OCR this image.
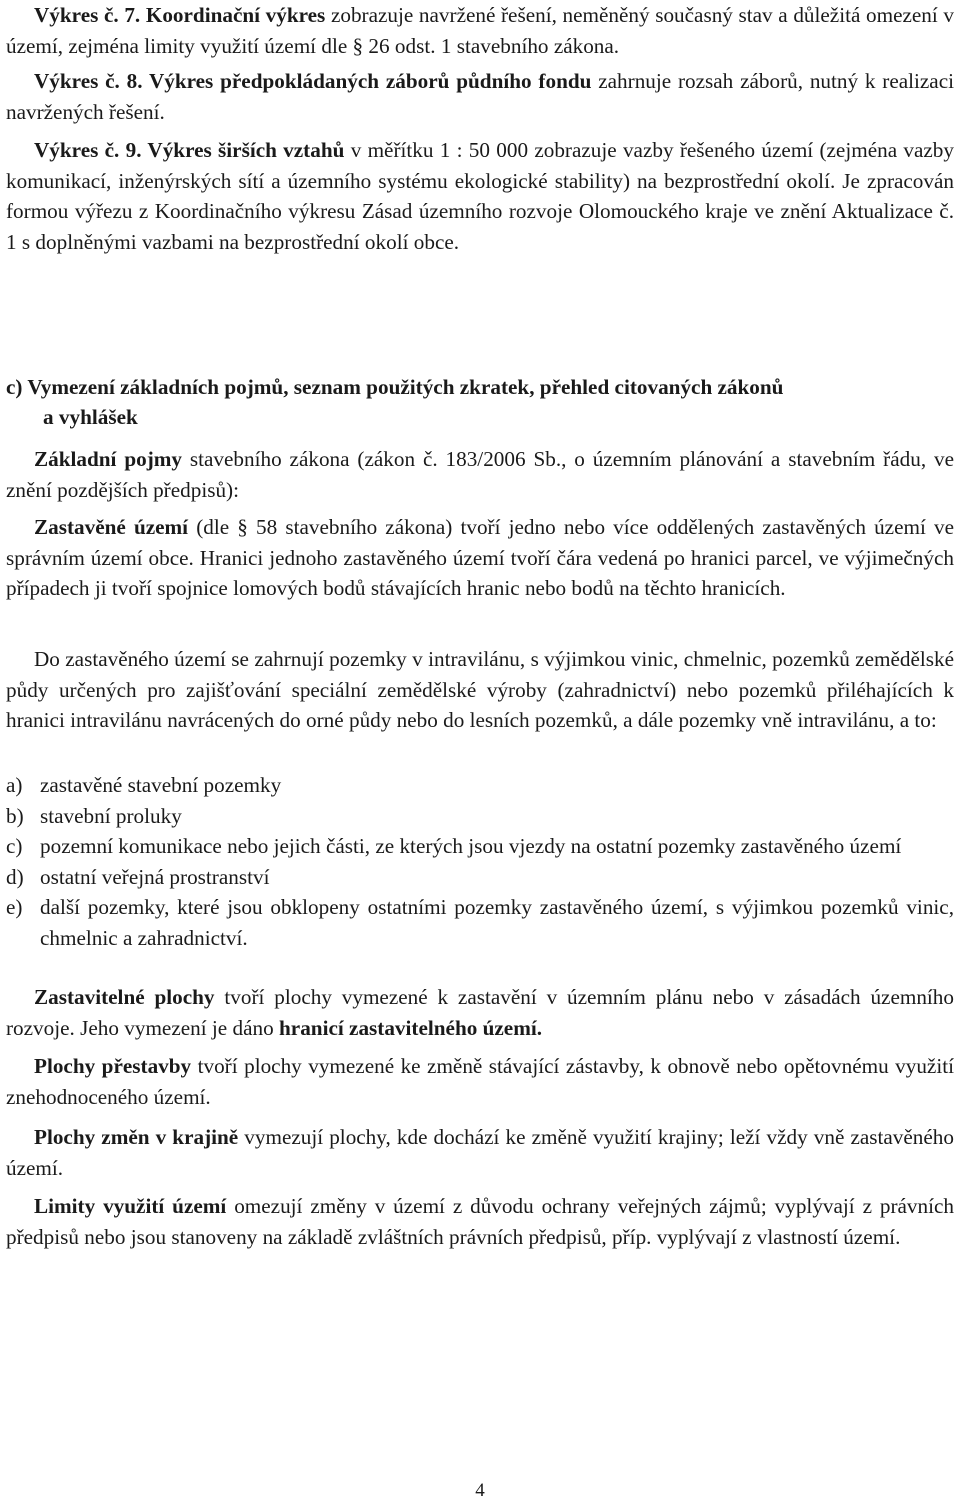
Výkres č. 7. Koordinační výkres zobrazuje navržené řešení, neměněný současný stav a důležitá omezení v území, zejména limity využití území dle § 26 odst. 1 stavebního zákona.

Výkres č. 8. Výkres předpokládaných záborů půdního fondu zahrnuje rozsah záborů, nutný k realizaci navržených řešení.

Výkres č. 9. Výkres širších vztahů v měřítku 1 : 50 000 zobrazuje vazby řešeného území (zejména vazby komunikací, inženýrských sítí a územního systému ekologické stability) na bezprostřední okolí. Je zpracován formou výřezu z Koordinačního výkresu Zásad územního rozvoje Olomouckého kraje ve znění Aktualizace č. 1 s doplněnými vazbami na bezprostřední okolí obce.

c) Vymezení základních pojmů, seznam použitých zkratek, přehled citovaných zákonů
a vyhlášek

Základní pojmy stavebního zákona (zákon č. 183/2006 Sb., o územním plánování a stavebním řádu, ve znění pozdějších předpisů):

Zastavěné území (dle § 58 stavebního zákona) tvoří jedno nebo více oddělených zastavěných území ve správním území obce. Hranici jednoho zastavěného území tvoří čára vedená po hranici parcel, ve výjimečných případech ji tvoří spojnice lomových bodů stávajících hranic nebo bodů na těchto hranicích.

Do zastavěného území se zahrnují pozemky v intravilánu, s výjimkou vinic, chmelnic, pozemků zemědělské půdy určených pro zajišťování speciální zemědělské výroby (zahradnictví) nebo pozemků přiléhajících k hranici intravilánu navrácených do orné půdy nebo do lesních pozemků, a dále pozemky vně intravilánu, a to:

a) zastavěné stavební pozemky
b) stavební proluky
c) pozemní komunikace nebo jejich části, ze kterých jsou vjezdy na ostatní pozemky zastavěného území
d) ostatní veřejná prostranství
e) další pozemky, které jsou obklopeny ostatními pozemky zastavěného území, s výjimkou pozemků vinic, chmelnic a zahradnictví.

Zastavitelné plochy tvoří plochy vymezené k zastavění v územním plánu nebo v zásadách územního rozvoje. Jeho vymezení je dáno hranicí zastavitelného území.

Plochy přestavby tvoří plochy vymezené ke změně stávající zástavby, k obnově nebo opětovnému využití znehodnoceného území.

Plochy změn v krajině vymezují plochy, kde dochází ke změně využití krajiny; leží vždy vně zastavěného území.

Limity využití území omezují změny v území z důvodu ochrany veřejných zájmů; vyplývají z právních předpisů nebo jsou stanoveny na základě zvláštních právních předpisů, příp. vyplývají z vlastností území.

4
